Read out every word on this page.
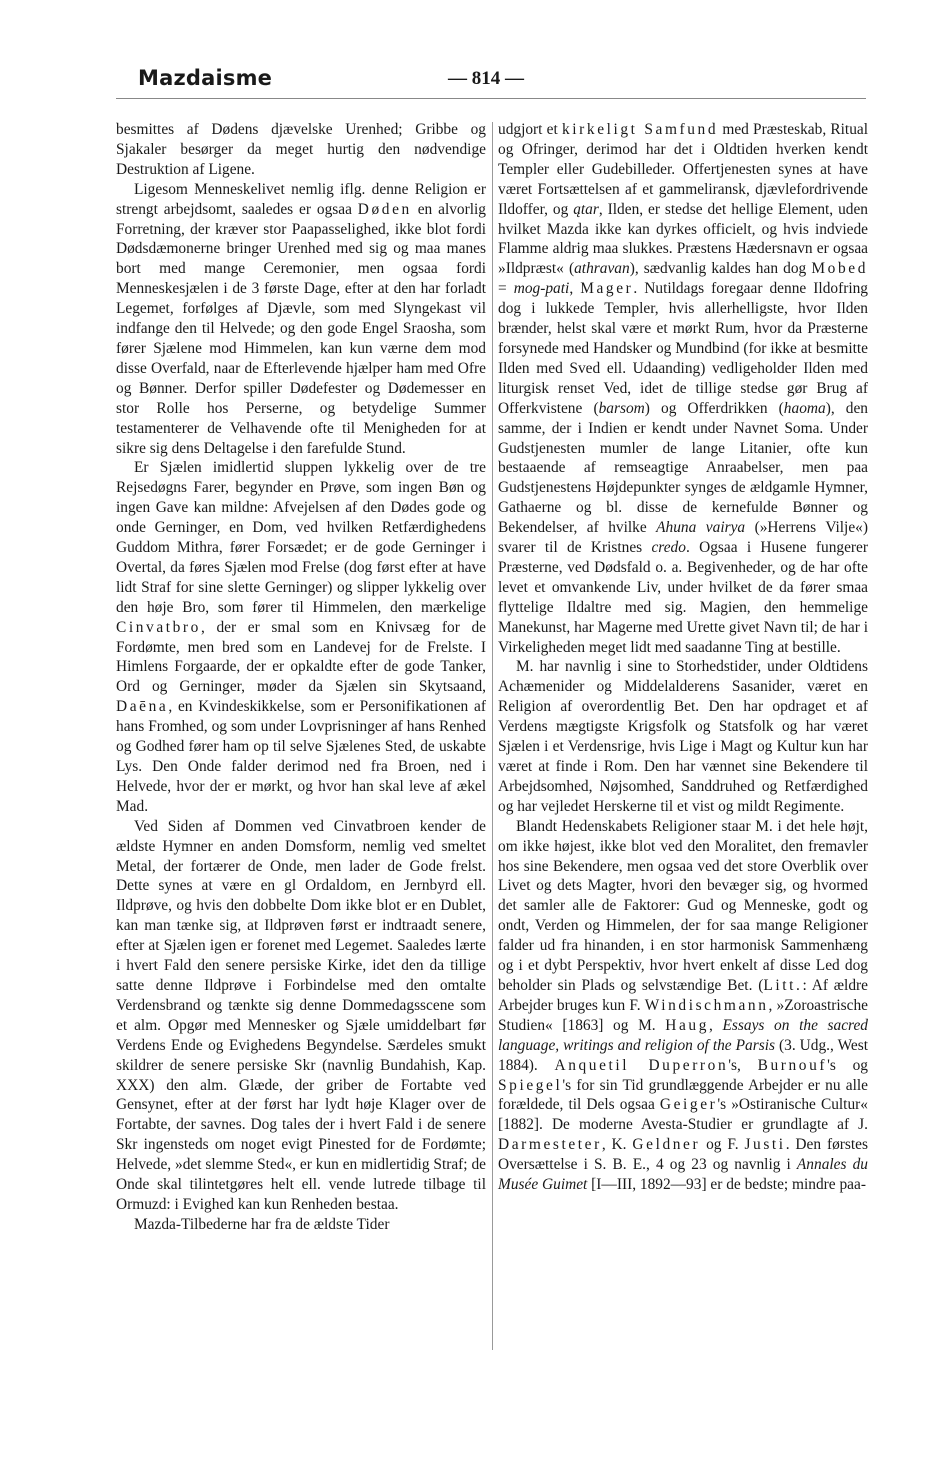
Mazdaisme	— 814 —

besmittes af Dødens djævelske Urenhed; Gribbe og Sjakaler besørger da meget hurtig den nødvendige Destruktion af Ligene.

Ligesom Menneskelivet nemlig iflg. denne Religion er strengt arbejdsomt, saaledes er ogsaa Døden en alvorlig Forretning, der kræver stor Paapasselighed, ikke blot fordi Dødsdæmonerne bringer Urenhed med sig og maa manes bort med mange Ceremonier, men ogsaa fordi Menneskesjælen i de 3 første Dage, efter at den har forladt Legemet, forfølges af Djævle, som med Slyngekast vil indfange den til Helvede; og den gode Engel Sraosha, som fører Sjælene mod Himmelen, kan kun værne dem mod disse Overfald, naar de Efterlevende hjælper ham med Ofre og Bønner. Derfor spiller Dødefester og Dødemesser en stor Rolle hos Perserne, og betydelige Summer testamenterer de Velhavende ofte til Menigheden for at sikre sig dens Deltagelse i den farefulde Stund.

Er Sjælen imidlertid sluppen lykkelig over de tre Rejsedøgns Farer, begynder en Prøve, som ingen Bøn og ingen Gave kan mildne: Afvejelsen af den Dødes gode og onde Gerninger, en Dom, ved hvilken Retfærdighedens Guddom Mithra, fører Forsædet; er de gode Gerninger i Overtal, da føres Sjælen mod Frelse (dog først efter at have lidt Straf for sine slette Gerninger) og slipper lykkelig over den høje Bro, som fører til Himmelen, den mærkelige Cinvatbro, der er smal som en Knivsæg for de Fordømte, men bred som en Landevej for de Frelste. I Himlens Forgaarde, der er opkaldte efter de gode Tanker, Ord og Gerninger, møder da Sjælen sin Skytsaand, Daēna, en Kvindeskikkelse, som er Personifikationen af hans Fromhed, og som under Lovprisninger af hans Renhed og Godhed fører ham op til selve Sjælenes Sted, de uskabte Lys. Den Onde falder derimod ned fra Broen, ned i Helvede, hvor der er mørkt, og hvor han skal leve af ækel Mad.

Ved Siden af Dommen ved Cinvatbroen kender de ældste Hymner en anden Domsform, nemlig ved smeltet Metal, der fortærer de Onde, men lader de Gode frelst. Dette synes at være en gl Ordaldom, en Jernbyrd ell. Ildprøve, og hvis den dobbelte Dom ikke blot er en Dublet, kan man tænke sig, at Ildprøven først er indtraadt senere, efter at Sjælen igen er forenet med Legemet. Saaledes lærte i hvert Fald den senere persiske Kirke, idet den da tillige satte denne Ildprøve i Forbindelse med den omtalte Verdensbrand og tænkte sig denne Dommedagsscene som et alm. Opgør med Mennesker og Sjæle umiddelbart før Verdens Ende og Evighedens Begyndelse. Særdeles smukt skildrer de senere persiske Skr (navnlig Bundahish, Kap. XXX) den alm. Glæde, der griber de Fortabte ved Gensynet, efter at der først har lydt høje Klager over de Fortabte, der savnes. Dog tales der i hvert Fald i de senere Skr ingensteds om noget evigt Pinested for de Fordømte; Helvede, »det slemme Sted«, er kun en midlertidig Straf; de Onde skal tilintetgøres helt ell. vende lutrede tilbage til Ormuzd: i Evighed kan kun Renheden bestaa.

Mazda-Tilbederne har fra de ældste Tider

udgjort et kirkeligt Samfund med Præsteskab, Ritual og Ofringer, derimod har det i Oldtiden hverken kendt Templer eller Gudebilleder. Offertjenesten synes at have været Fortsættelsen af et gammeliransk, djævlefordrivende Ildoffer, og ątar, Ilden, er stedse det hellige Element, uden hvilket Mazda ikke kan dyrkes officielt, og hvis indviede Flamme aldrig maa slukkes. Præstens Hædersnavn er ogsaa »Ildpræst« (athravan), sædvanlig kaldes han dog Mobed = mog-pati, Mager. Nutildags foregaar denne Ildofring dog i lukkede Templer, hvis allerhelligste, hvor Ilden brænder, helst skal være et mørkt Rum, hvor da Præsterne forsynede med Handsker og Mundbind (for ikke at besmitte Ilden med Sved ell. Udaanding) vedligeholder Ilden med liturgisk renset Ved, idet de tillige stedse gør Brug af Offerkvistene (barsom) og Offerdrikken (haoma), den samme, der i Indien er kendt under Navnet Soma. Under Gudstjenesten mumler de lange Litanier, ofte kun bestaaende af remseagtige Anraabelser, men paa Gudstjenestens Højdepunkter synges de ældgamle Hymner, Gathaerne og bl. disse de kernefulde Bønner og Bekendelser, af hvilke Ahuna vairya (»Herrens Vilje«) svarer til de Kristnes credo. Ogsaa i Husene fungerer Præsterne, ved Dødsfald o. a. Begivenheder, og de har ofte levet et omvankende Liv, under hvilket de da fører smaa flyttelige Ildaltre med sig. Magien, den hemmelige Manekunst, har Magerne med Urette givet Navn til; de har i Virkeligheden meget lidt med saadanne Ting at bestille.

M. har navnlig i sine to Storhedstider, under Oldtidens Achæmenider og Middelalderens Sasanider, været en Religion af overordentlig Bet. Den har opdraget et af Verdens mægtigste Krigsfolk og Statsfolk og har været Sjælen i et Verdensrige, hvis Lige i Magt og Kultur kun har været at finde i Rom. Den har vænnet sine Bekendere til Arbejdsomhed, Nøjsomhed, Sanddruhed og Retfærdighed og har vejledet Herskerne til et vist og mildt Regimente.

Blandt Hedenskabets Religioner staar M. i det hele højt, om ikke højest, ikke blot ved den Moralitet, den fremavler hos sine Bekendere, men ogsaa ved det store Overblik over Livet og dets Magter, hvori den bevæger sig, og hvormed det samler alle de Faktorer: Gud og Menneske, godt og ondt, Verden og Himmelen, der for saa mange Religioner falder ud fra hinanden, i en stor harmonisk Sammenhæng og i et dybt Perspektiv, hvor hvert enkelt af disse Led dog beholder sin Plads og selvstændige Bet. (Litt.: Af ældre Arbejder bruges kun F. Windischmann, »Zoroastrische Studien« [1863] og M. Haug, Essays on the sacred language, writings and religion of the Parsis (3. Udg., West 1884). Anquetil Duperron's, Burnouf's og Spiegel's for sin Tid grundlæggende Arbejder er nu alle forældede, til Dels ogsaa Geiger's »Ostiranische Cultur« [1882]. De moderne Avesta-Studier er grundlagte af J. Darmesteter, K. Geldner og F. Justi. Den førstes Oversættelse i S. B. E., 4 og 23 og navnlig i Annales du Musée Guimet [I—III, 1892—93] er de bedste; mindre paa-
